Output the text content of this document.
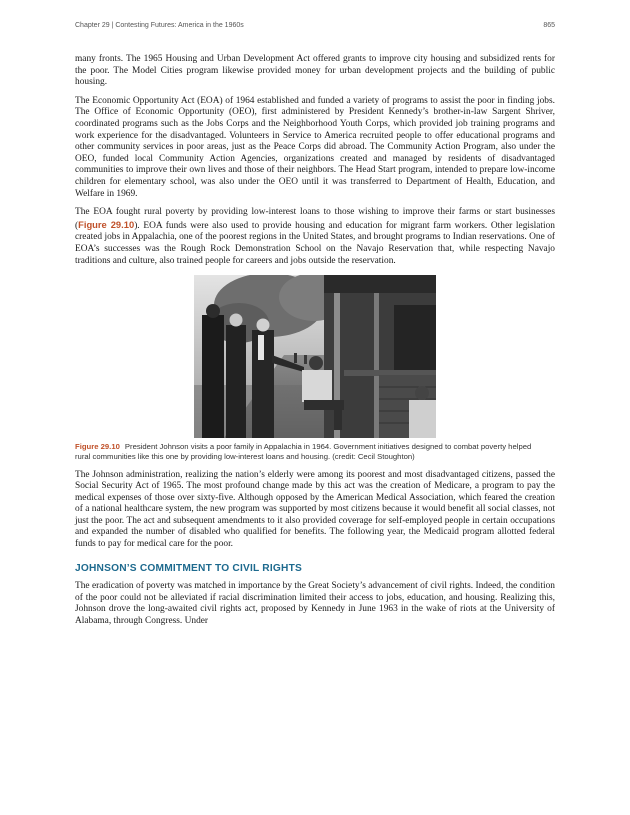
Chapter 29 | Contesting Futures: America in the 1960s	865

many fronts. The 1965 Housing and Urban Development Act offered grants to improve city housing and subsidized rents for the poor. The Model Cities program likewise provided money for urban development projects and the building of public housing.

The Economic Opportunity Act (EOA) of 1964 established and funded a variety of programs to assist the poor in finding jobs. The Office of Economic Opportunity (OEO), first administered by President Kennedy’s brother-in-law Sargent Shriver, coordinated programs such as the Jobs Corps and the Neighborhood Youth Corps, which provided job training programs and work experience for the disadvantaged. Volunteers in Service to America recruited people to offer educational programs and other community services in poor areas, just as the Peace Corps did abroad. The Community Action Program, also under the OEO, funded local Community Action Agencies, organizations created and managed by residents of disadvantaged communities to improve their own lives and those of their neighbors. The Head Start program, intended to prepare low-income children for elementary school, was also under the OEO until it was transferred to Department of Health, Education, and Welfare in 1969.

The EOA fought rural poverty by providing low-interest loans to those wishing to improve their farms or start businesses (Figure 29.10). EOA funds were also used to provide housing and education for migrant farm workers. Other legislation created jobs in Appalachia, one of the poorest regions in the United States, and brought programs to Indian reservations. One of EOA’s successes was the Rough Rock Demonstration School on the Navajo Reservation that, while respecting Navajo traditions and culture, also trained people for careers and jobs outside the reservation.

Figure 29.10 President Johnson visits a poor family in Appalachia in 1964. Government initiatives designed to combat poverty helped rural communities like this one by providing low-interest loans and housing. (credit: Cecil Stoughton)

The Johnson administration, realizing the nation’s elderly were among its poorest and most disadvantaged citizens, passed the Social Security Act of 1965. The most profound change made by this act was the creation of Medicare, a program to pay the medical expenses of those over sixty-five. Although opposed by the American Medical Association, which feared the creation of a national healthcare system, the new program was supported by most citizens because it would benefit all social classes, not just the poor. The act and subsequent amendments to it also provided coverage for self-employed people in certain occupations and expanded the number of disabled who qualified for benefits. The following year, the Medicaid program allotted federal funds to pay for medical care for the poor.

JOHNSON’S COMMITMENT TO CIVIL RIGHTS

The eradication of poverty was matched in importance by the Great Society’s advancement of civil rights. Indeed, the condition of the poor could not be alleviated if racial discrimination limited their access to jobs, education, and housing. Realizing this, Johnson drove the long-awaited civil rights act, proposed by Kennedy in June 1963 in the wake of riots at the University of Alabama, through Congress. Under
